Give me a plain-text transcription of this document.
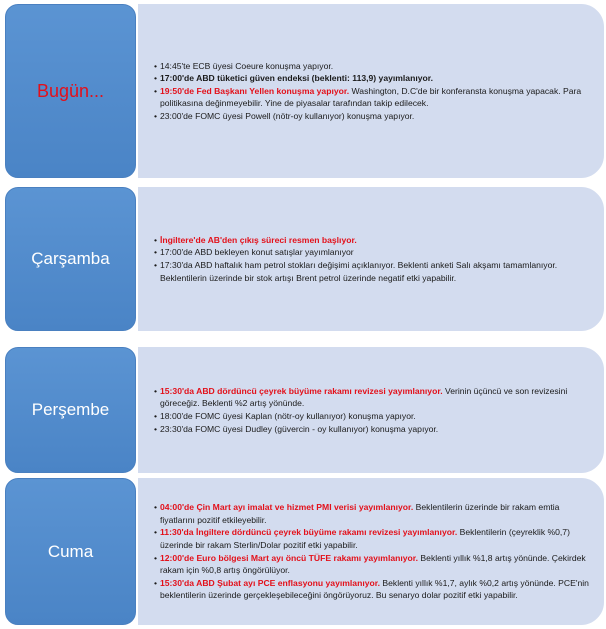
Bugün...
• 14:45'te ECB üyesi Coeure konuşma yapıyor.
• 17:00'de ABD tüketici güven endeksi (beklenti: 113,9) yayımlanıyor.
• 19:50'de Fed Başkanı Yellen konuşma yapıyor. Washington, D.C'de bir konferansta konuşma yapacak. Para politikasına değinmeyebilir. Yine de piyasalar tarafından takip edilecek.
• 23:00'de FOMC üyesi Powell (nötr-oy kullanıyor) konuşma yapıyor.
Çarşamba
• İngiltere'de AB'den çıkış süreci resmen başlıyor.
• 17:00'de ABD bekleyen konut satışlar yayımlanıyor
• 17:30'da ABD haftalık ham petrol stokları değişimi açıklanıyor. Beklenti anketi Salı akşamı tamamlanıyor. Beklentilerin üzerinde bir stok artışı Brent petrol üzerinde negatif etki yapabilir.
Perşembe
• 15:30'da ABD dördüncü çeyrek büyüme rakamı revizesi yayımlanıyor. Verinin üçüncü ve son revizesini göreceğiz. Beklenti %2 artış yönünde.
• 18:00'de FOMC üyesi Kaplan (nötr-oy kullanıyor) konuşma yapıyor.
• 23:30'da FOMC üyesi Dudley (güvercin - oy kullanıyor) konuşma yapıyor.
Cuma
• 04:00'de Çin Mart ayı imalat ve hizmet PMI verisi yayımlanıyor. Beklentilerin üzerinde bir rakam emtia fiyatlarını pozitif etkileyebilir.
• 11:30'da İngiltere dördüncü çeyrek büyüme rakamı revizesi yayımlanıyor. Beklentilerin (çeyreklik %0,7) üzerinde bir rakam Sterlin/Dolar pozitif etki yapabilir.
• 12:00'de Euro bölgesi Mart ayı öncü TÜFE rakamı yayımlanıyor. Beklenti yıllık %1,8 artış yönünde. Çekirdek rakam için %0,8 artış öngörülüyor.
• 15:30'da ABD Şubat ayı PCE enflasyonu yayımlanıyor. Beklenti yıllık %1,7, aylık %0,2 artış yönünde. PCE'nin beklentilerin üzerinde gerçekleşebileceğini öngörüyoruz. Bu senaryo dolar pozitif etki yapabilir.
